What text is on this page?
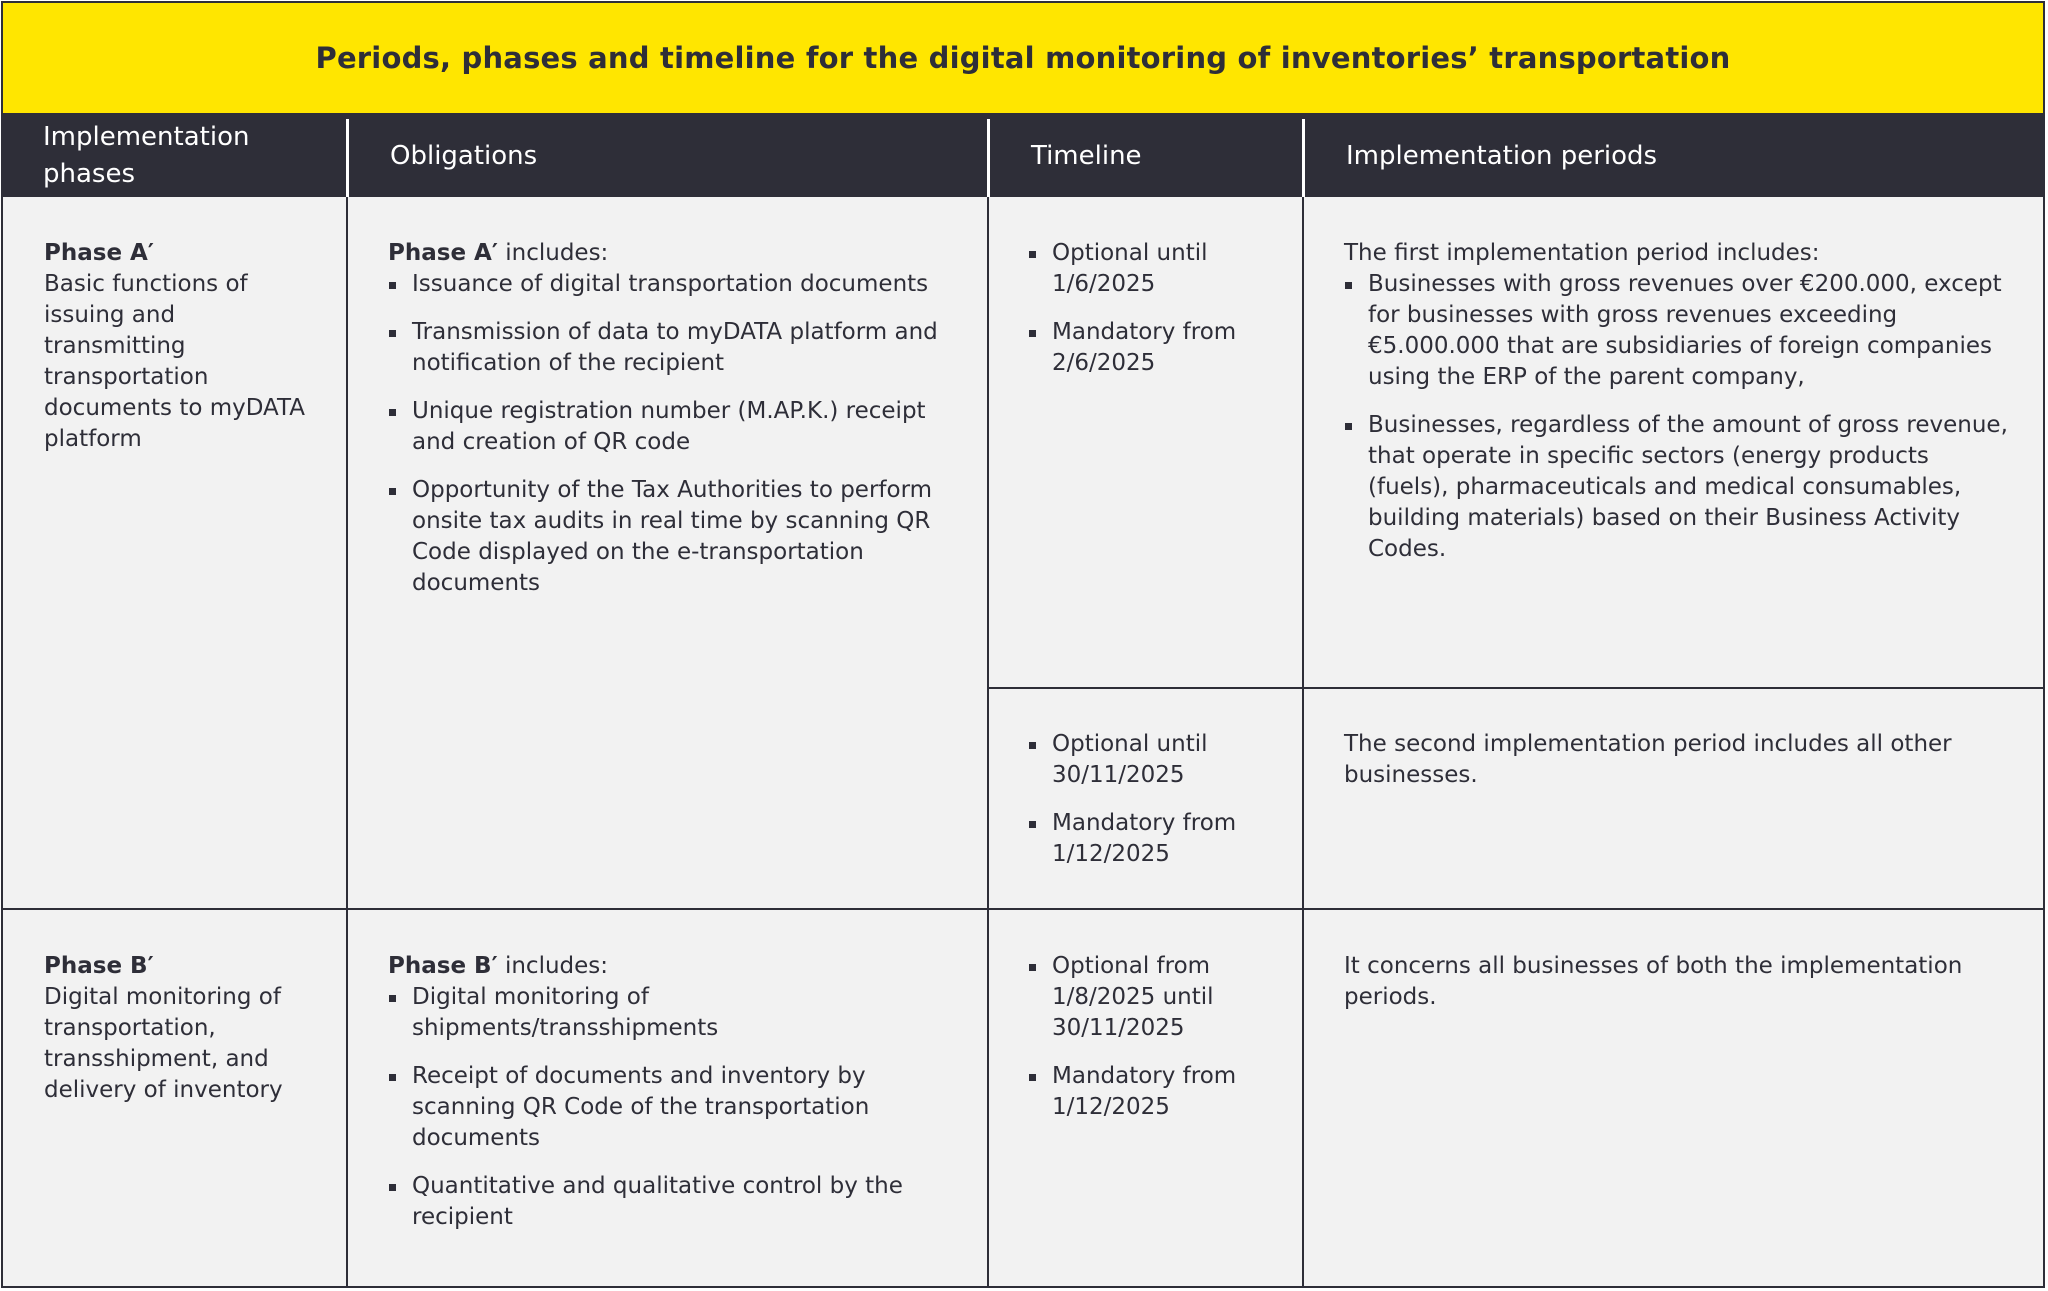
Periods, phases and timeline for the digital monitoring of inventories’ transportation
Implementation phases
Obligations	Timeline	Implementation periods

Phase A′

Basic functions of issuing and transmitting transportation documents to myDATA platform

Phase A′ includes:

Issuance of digital transportation documents
Transmission of data to myDATA platform and notification of the recipient
Unique registration number (M.AP.K.) receipt and creation of QR code
Opportunity of the Tax Authorities to perform onsite tax audits in real time by scanning QR Code displayed on the e-transportation documents
Optional until 1/6/2025
Mandatory from 2/6/2025

The first implementation period includes:

Businesses with gross revenues over €200.000, except for businesses with gross revenues exceeding €5.000.000 that are subsidiaries of foreign companies using the ERP of the parent company,
Businesses, regardless of the amount of gross revenue, that operate in specific sectors (energy products (fuels), pharmaceuticals and medical consumables, building materials) based on their Business Activity Codes.
Optional until 30/11/2025
Mandatory from 1/12/2025

The second implementation period includes all other businesses.

Phase B′

Digital monitoring of transportation, transshipment, and delivery of inventory

Phase B′ includes:

Digital monitoring of shipments/transshipments
Receipt of documents and inventory by scanning QR Code of the transportation documents
Quantitative and qualitative control by the recipient
Optional from 1/8/2025 until 30/11/2025
Mandatory from 1/12/2025

It concerns all businesses of both the implementation periods.
